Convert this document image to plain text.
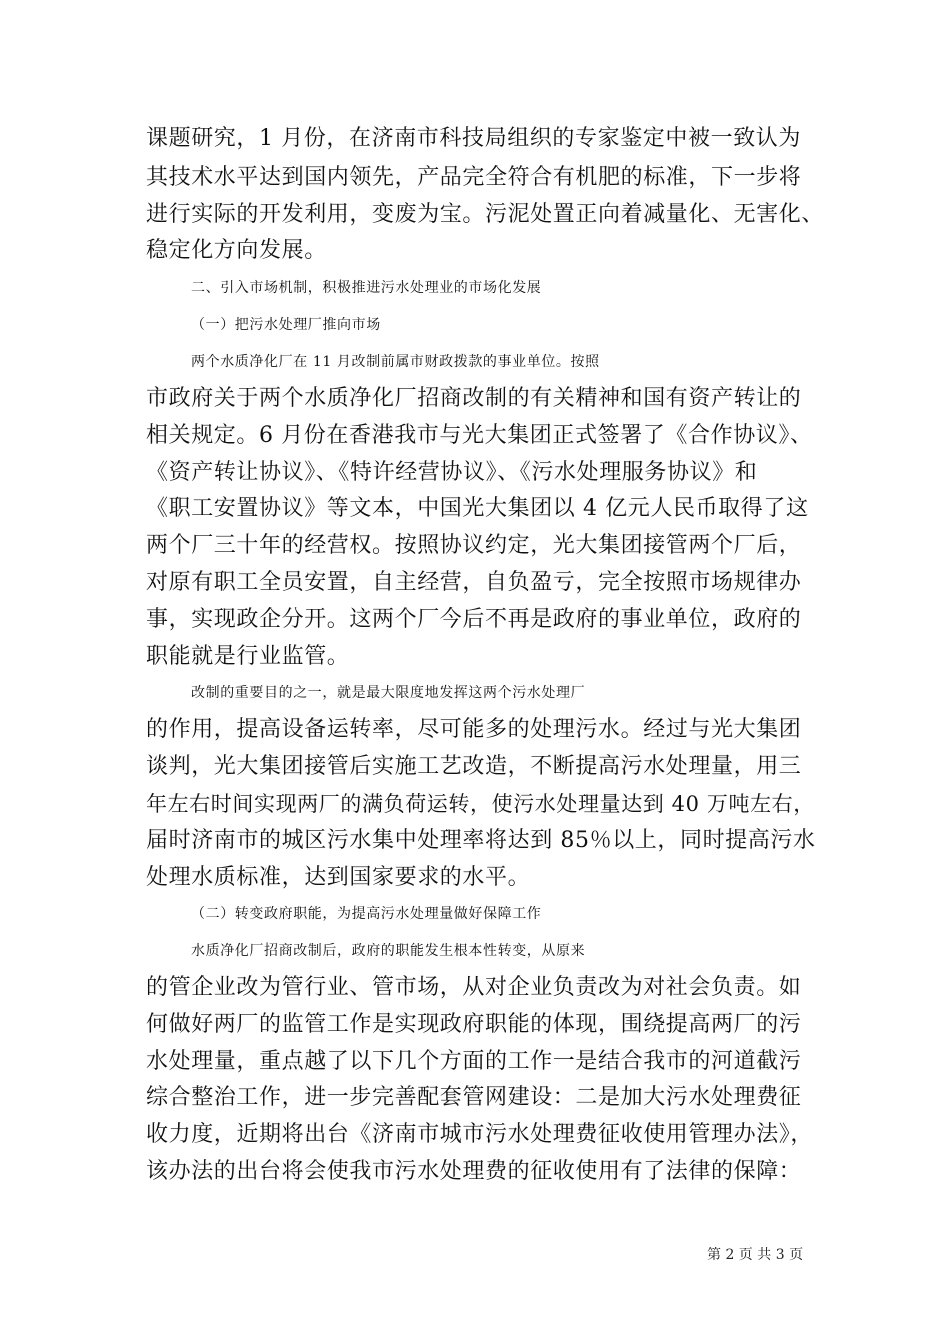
课题研究，1 月份，在济南市科技局组织的专家鉴定中被一致认为
其技术水平达到国内领先，产品完全符合有机肥的标准，下一步将
进行实际的开发利用，变废为宝。污泥处置正向着减量化、无害化、
稳定化方向发展。
二、引入市场机制，积极推进污水处理业的市场化发展
（一）把污水处理厂推向市场
两个水质净化厂在 11 月改制前属市财政拨款的事业单位。按照
市政府关于两个水质净化厂招商改制的有关精神和国有资产转让的
相关规定。6 月份在香港我市与光大集团正式签署了《合作协议》、
《资产转让协议》、《特许经营协议》、《污水处理服务协议》和
《职工安置协议》等文本，中国光大集团以 4 亿元人民币取得了这
两个厂三十年的经营权。按照协议约定，光大集团接管两个厂后，
对原有职工全员安置，自主经营，自负盈亏，完全按照市场规律办
事，实现政企分开。这两个厂今后不再是政府的事业单位，政府的
职能就是行业监管。
改制的重要目的之一，就是最大限度地发挥这两个污水处理厂
的作用，提高设备运转率，尽可能多的处理污水。经过与光大集团
谈判，光大集团接管后实施工艺改造，不断提高污水处理量，用三
年左右时间实现两厂的满负荷运转，使污水处理量达到 40 万吨左右，
届时济南市的城区污水集中处理率将达到 85％以上，同时提高污水
处理水质标准，达到国家要求的水平。
（二）转变政府职能，为提高污水处理量做好保障工作
水质净化厂招商改制后，政府的职能发生根本性转变，从原来
的管企业改为管行业、管市场，从对企业负责改为对社会负责。如
何做好两厂的监管工作是实现政府职能的体现，围绕提高两厂的污
水处理量，重点越了以下几个方面的工作一是结合我市的河道截污
综合整治工作，进一步完善配套管网建设：二是加大污水处理费征
收力度，近期将出台《济南市城市污水处理费征收使用管理办法》，
该办法的出台将会使我市污水处理费的征收使用有了法律的保障：
第 2 页 共 3 页
